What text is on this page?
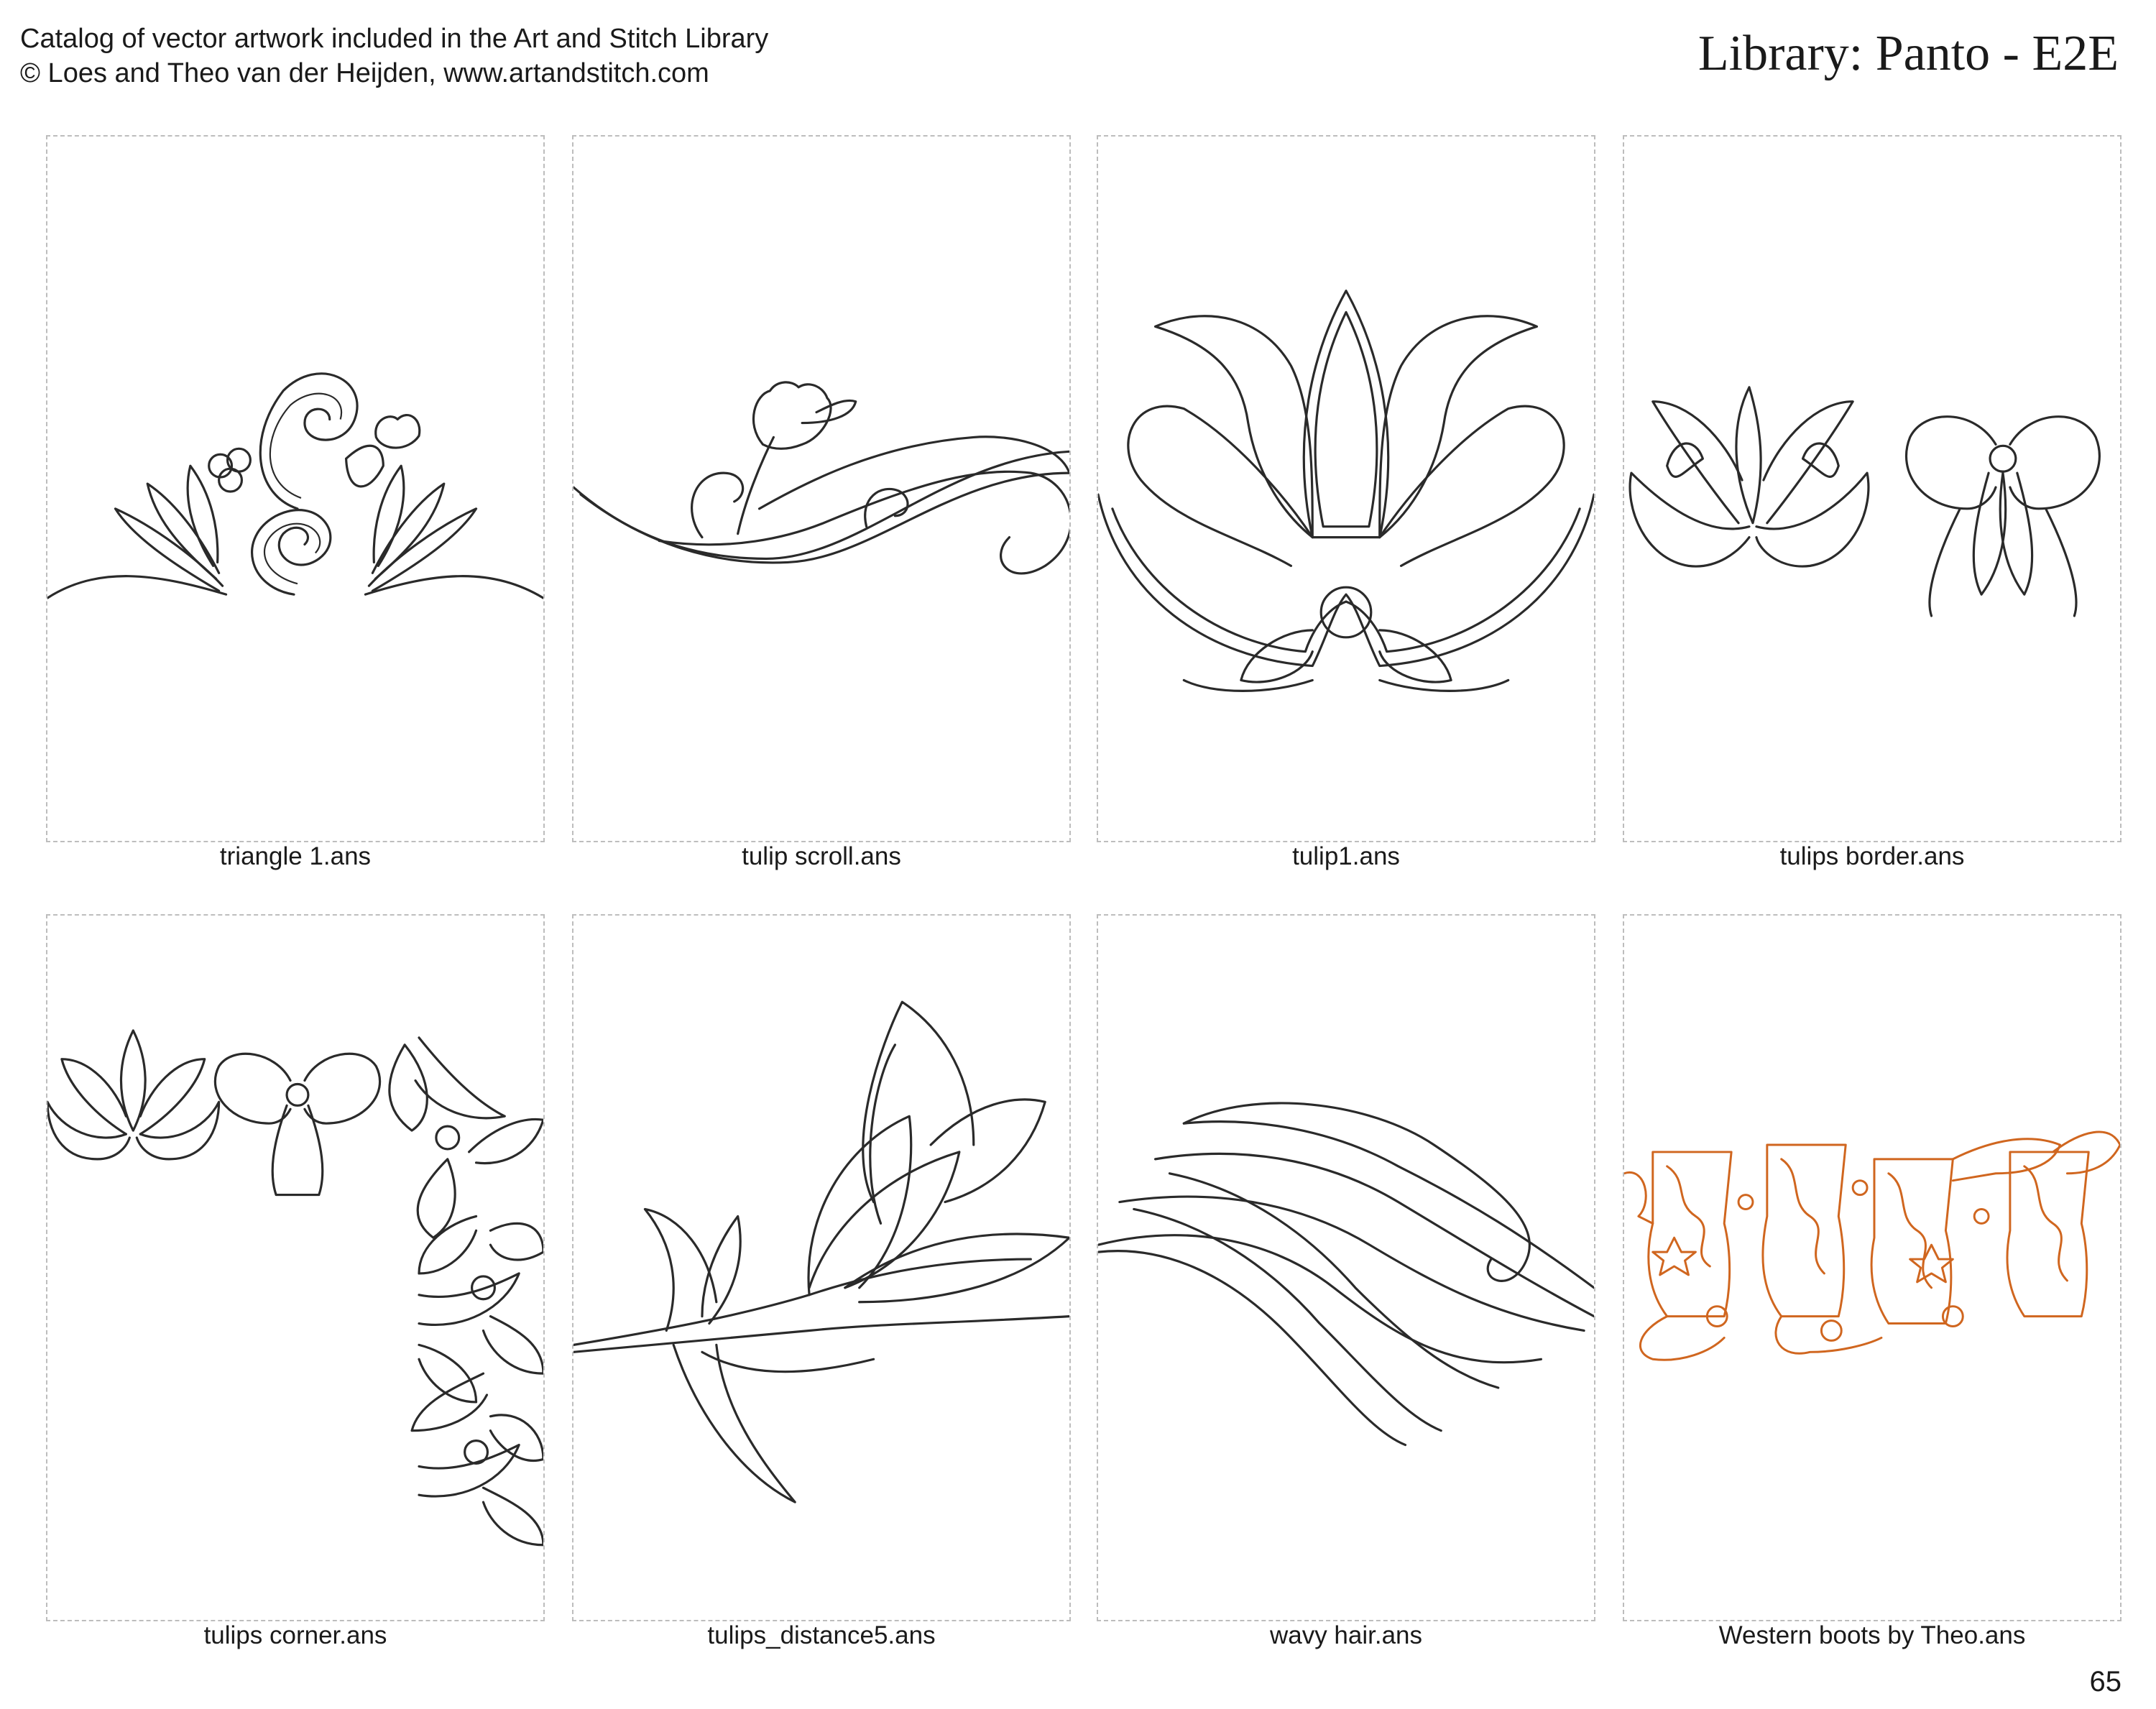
Catalog of vector artwork included in the Art and Stitch Library
© Loes and Theo van der Heijden, www.artandstitch.com	Library: Panto - E2E
triangle 1.ans	tulip scroll.ans	tulip1.ans	tulips border.ans
tulips corner.ans	tulips_distance5.ans	wavy hair.ans	Western boots by Theo.ans
65
